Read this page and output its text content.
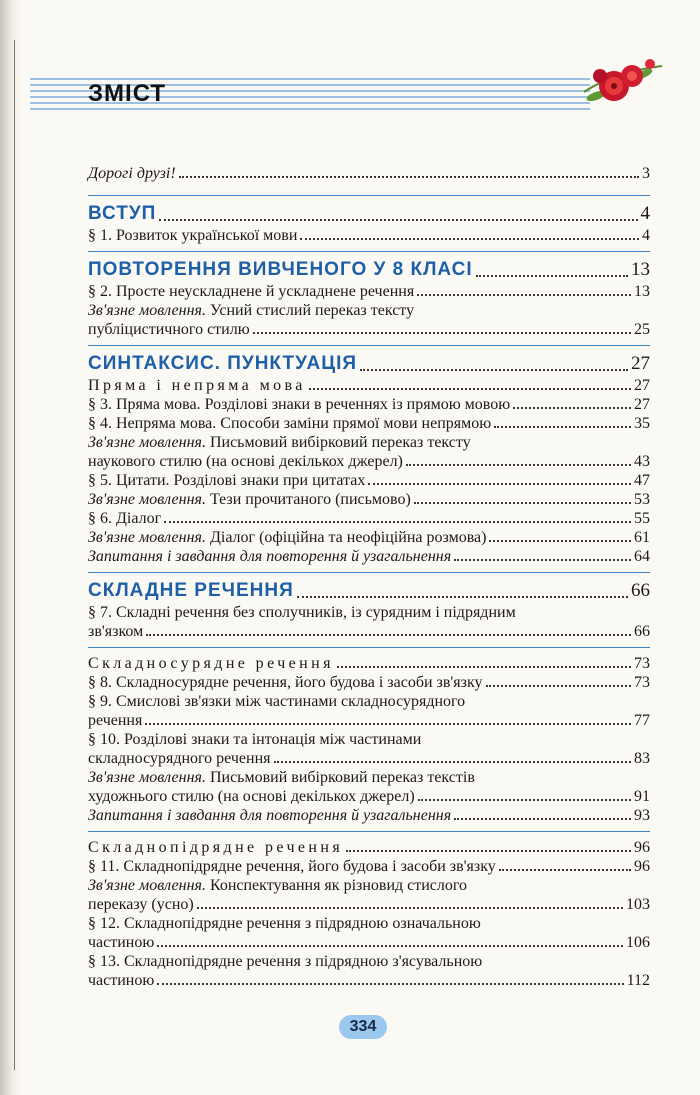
ЗМІСТ
Дорогі друзі!	3
ВСТУП	4
§ 1. Розвиток української мови	4
ПОВТОРЕННЯ ВИВЧЕНОГО У 8 КЛАСІ	13
§ 2. Просте неускладнене й ускладнене речення	13
Зв'язне мовлення. Усний стислий переказ тексту
публіцистичного стилю	25
СИНТАКСИС. ПУНКТУАЦІЯ	27
Пряма і непряма мова	27
§ 3. Пряма мова. Розділові знаки в реченнях із прямою мовою	27
§ 4. Непряма мова. Способи заміни прямої мови непрямою	35
Зв'язне мовлення. Письмовий вибірковий переказ тексту
наукового стилю (на основі декількох джерел)	43
§ 5. Цитати. Розділові знаки при цитатах	47
Зв'язне мовлення. Тези прочитаного (письмово)	53
§ 6. Діалог	55
Зв'язне мовлення. Діалог (офіційна та неофіційна розмова)	61
Запитання і завдання для повторення й узагальнення	64
СКЛАДНЕ РЕЧЕННЯ	66
§ 7. Складні речення без сполучників, із сурядним і підрядним
зв'язком	66
Складносурядне речення	73
§ 8. Складносурядне речення, його будова і засоби зв'язку	73
§ 9. Смислові зв'язки між частинами складносурядного
речення	77
§ 10. Розділові знаки та інтонація між частинами
складносурядного речення	83
Зв'язне мовлення. Письмовий вибірковий переказ текстів
художнього стилю (на основі декількох джерел)	91
Запитання і завдання для повторення й узагальнення	93
Складнопідрядне речення	96
§ 11. Складнопідрядне речення, його будова і засоби зв'язку	96
Зв'язне мовлення. Конспектування як різновид стислого
переказу (усно)	103
§ 12. Складнопідрядне речення з підрядною означальною
частиною	106
§ 13. Складнопідрядне речення з підрядною з'ясувальною
частиною	112
334
